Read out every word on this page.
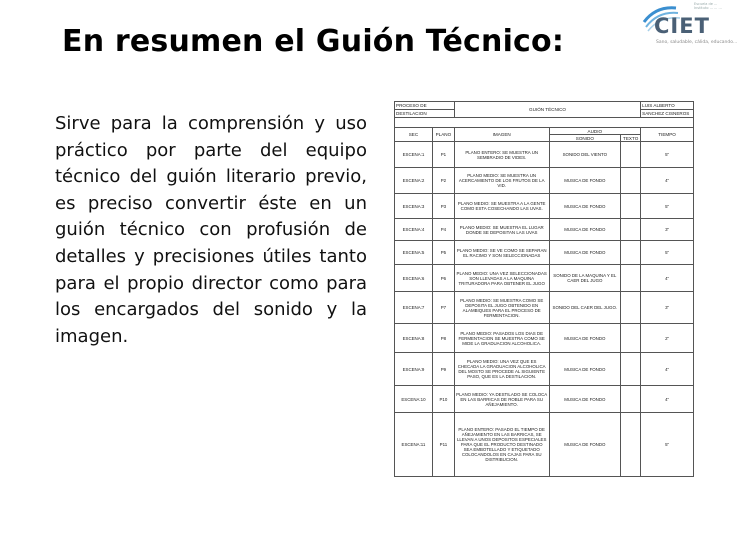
En resumen el Guión Técnico:
Escuela de ... Instituto ... ... ...
CIET
Sano, saludable, cálida, educando...
Sirve para la comprensión y uso práctico por parte del equipo técnico del guión literario previo, es preciso convertir éste en un guión técnico con profusión de detalles y precisiones útiles tanto para el propio director como para los encargados del sonido y la imagen.
PROCESO DE		GUIÓN TÉCNICO			LUIS ALBERTO
DESTILACION					SANCHEZ CISNEROS

SEC	PLANO	IMAGEN	AUDIO		TIEMPO
			SONIDO	TEXTO	
ESCENA:1	P1	PLANO ENTERO: SE MUESTRA UN SEMBRADIO DE VIDES.	SONIDO DEL VIENTO		5"
ESCENA:2	P2	PLANO MEDIO: SE MUESTRA UN ACERCAMIENTO DE LOS FRUTOS DE LA VID.	MUSICA DE FONDO		4"
ESCENA:3	P3	PLANO MEDIO: SE MUESTRA A LA GENTE COMO ESTA COSECHANDO LAS UVAS.	MUSICA DE FONDO		5"
ESCENA:4	P4	PLANO MEDIO: SE MUESTRA EL LUGAR DONDE SE DEPOSITAN LAS UVAS	MUSICA DE FONDO		3"
ESCENA:5	P5	PLANO MEDIO: SE VE COMO SE SEPARAN EL RACIMO Y SON SELECCIONADAS	MUSICA DE FONDO		5"
ESCENA:6	P6	PLANO MEDIO: UNA VEZ SELECCIONADAS SON LLEVADAS A LA MAQUINA TRITURADORA PARA OBTENER EL JUGO	SONIDO DE LA MAQUINA Y EL CAER DEL JUGO		4"
ESCENA:7	P7	PLANO MEDIO: SE MUESTRA COMO SE DEPOSITA EL JUGO OBTENIDO EN ALAMBIQUES PARA EL PROCESO DE FERMENTACION.	SONIDO DEL CAER DEL JUGO.		3"
ESCENA:8	P8	PLANO MEDIO: PASADOS LOS DIAS DE FERMENTACION SE MUESTRA COMO SE MIDE LA GRADUACION ALCOHOLICA.	MUSICA DE FONDO		2"
ESCENA:9	P9	PLANO MEDIO: UNA VEZ QUE ES CHECADA LA GRADUACION ALCOHOLICA DEL MOSTO SE PROCEDE AL SIGUIENTE PASO, QUE ES LA DESTILACION.	MUSICA DE FONDO		4"
ESCENA:10	P10	PLANO MEDIO: YA DESTILADO SE COLOCA EN LAS BARRICAS DE ROBLE PARA SU AÑEJAMIENTO.	MUSICA DE FONDO		4"
ESCENA:11	P11	PLANO ENTERO: PASADO EL TIEMPO DE AÑEJAMIENTO EN LAS BARRICAS, SE LLEVAN A UNOS DEPOSITOS ESPECIALES PARA QUE EL PRODUCTO DESTINADO SEA EMBOTELLADO Y ETIQUETADO COLOCANDOLOS EN CAJAS PARA SU DISTRIBUCION.	MUSICA DE FONDO		5"
